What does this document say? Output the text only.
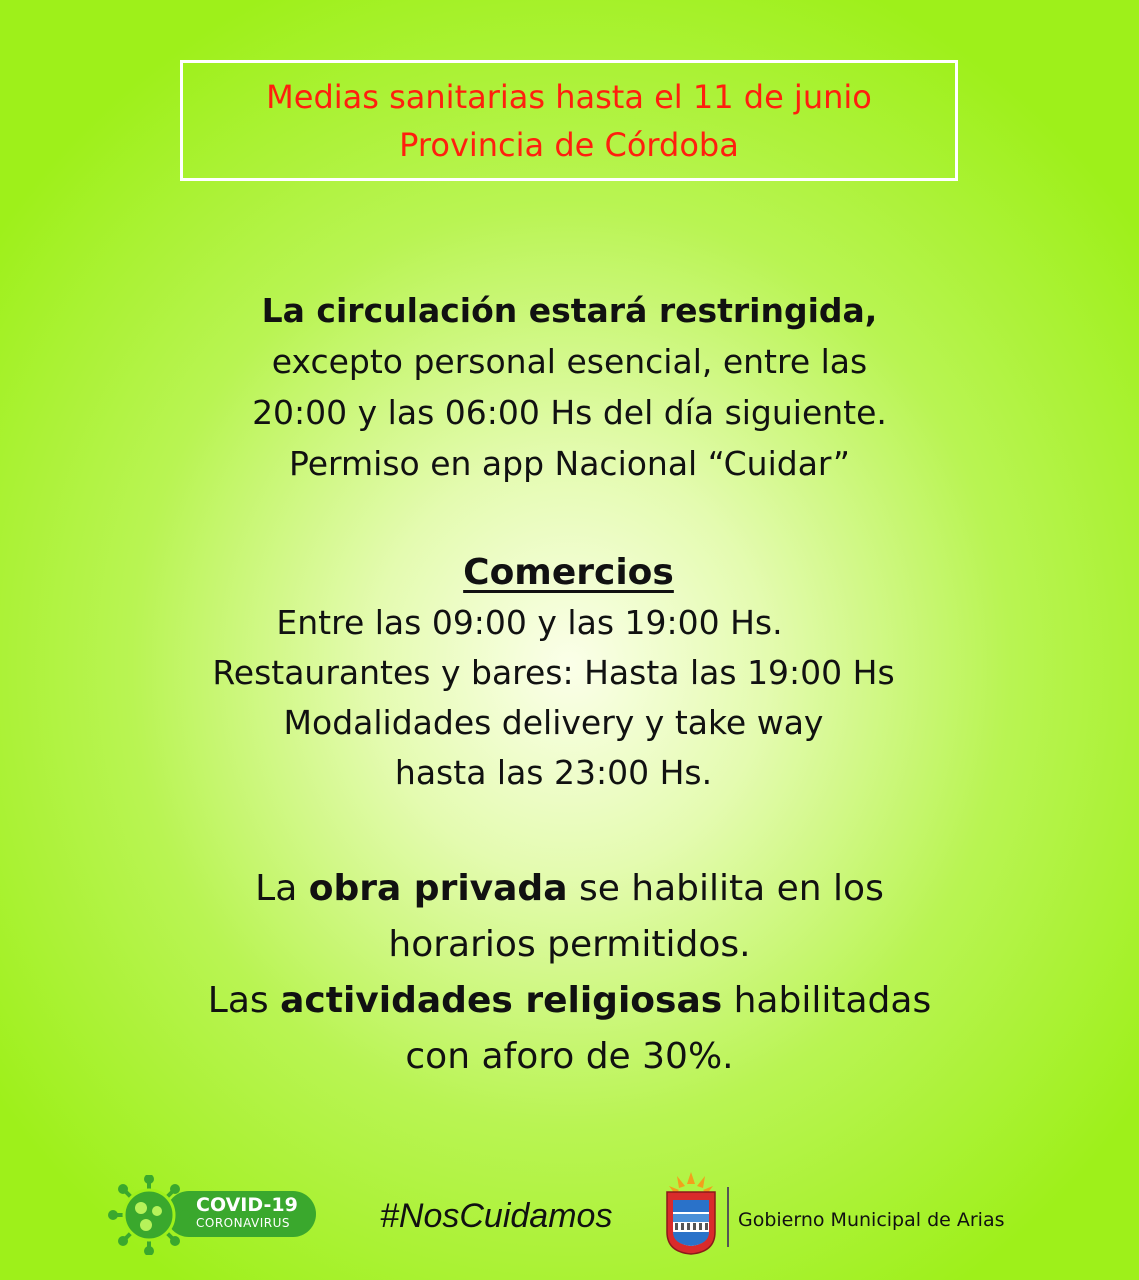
Medias sanitarias hasta el 11 de junio
Provincia de Córdoba
La circulación estará restringida,
excepto personal esencial, entre las
20:00 y las 06:00 Hs del día siguiente.
Permiso en app Nacional “Cuidar”
Comercios
Entre las 09:00 y las 19:00 Hs.
Restaurantes y bares: Hasta las 19:00 Hs
Modalidades delivery y take way
hasta las 23:00 Hs.
La obra privada se habilita en los
horarios permitidos.
Las actividades religiosas habilitadas
con aforo de 30%.
COVID-19
CORONAVIRUS	#NosCuidamos	Gobierno Municipal de Arias
